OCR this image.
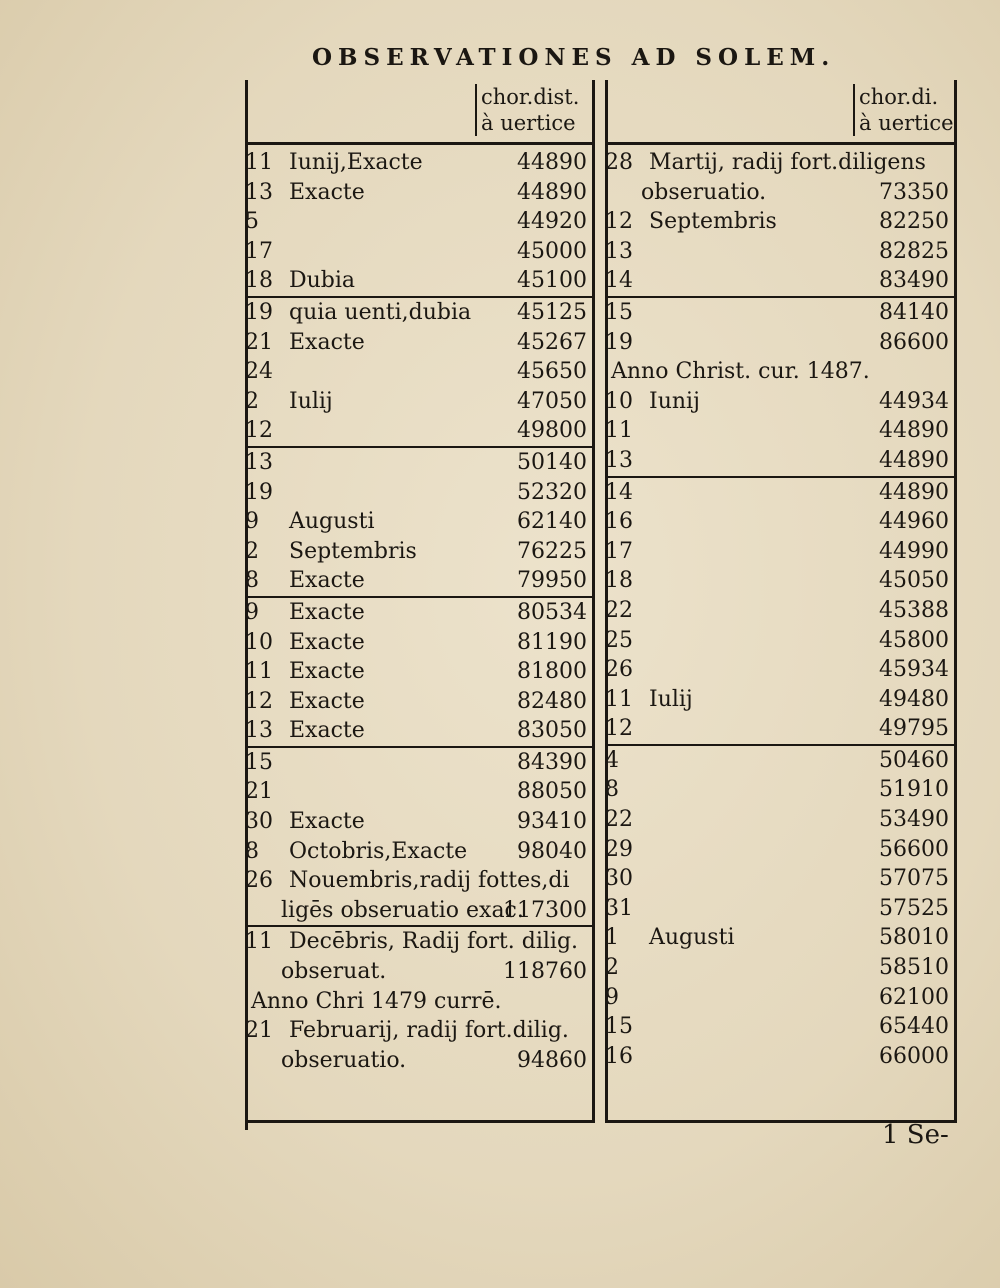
OBSERVATIONES AD SOLEM.
chor.dist.
à uertice
11 Iunij,Exacte	44890
13 Exacte	44890
5	44920
17	45000
18 Dubia	45100
19 quia uenti,dubia 45125
21 Exacte	45267
24	45650
2 Iulij	47050
12	49800
13	50140
19	52320
9 Augusti	62140
2 Septembris	76225
8 Exacte	79950
9 Exacte	80534
10 Exacte	81190
11 Exacte	81800
12 Exacte	82480
13 Exacte	83050
15	84390
21	88050
30 Exacte	93410
8 Octobris,Exacte 98040
26 Nouembris,radij fottes,di
ligēs obseruatio exac.
117300
11 Decēbris, Radij fort. dilig.
obseruat.	118760
Anno Chri 1479 currē.
21 Februarij, radij fort.dilig.
obseruatio.	94860
chor.di.
à uertice
28 Martij, radij fort.diligens
obseruatio.	73350
12 Septembris	82250
13	82825
14	83490
15	84140
19	86600
Anno Christ. cur. 1487.
10 Iunij	44934
11	44890
13	44890
14	44890
16	44960
17	44990
18	45050
22	45388
25	45800
26	45934
11 Iulij	49480
12	49795
4	50460
8	51910
22	53490
29	56600
30	57075
31	57525
1 Augusti	58010
2	58510
9	62100
15	65440
16	66000
1 Se-
